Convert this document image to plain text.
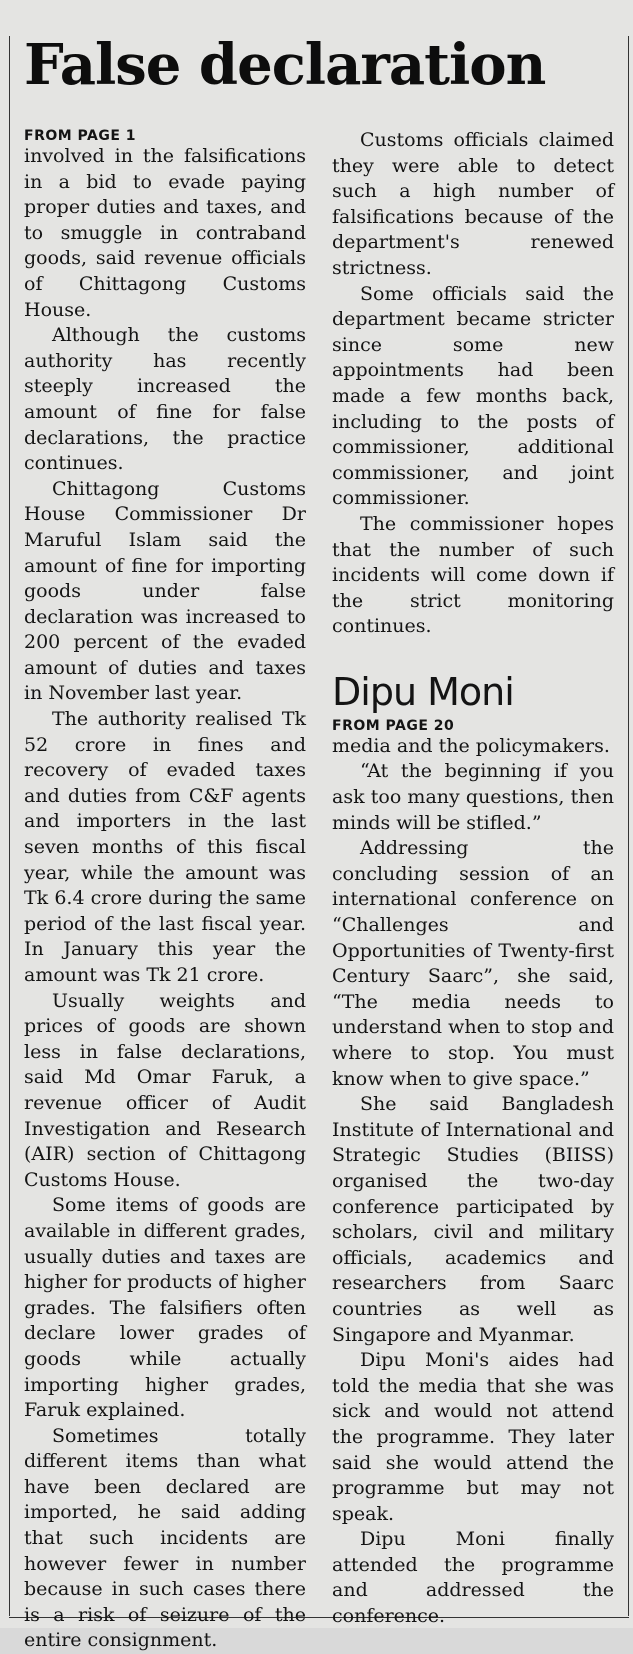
False declaration

FROM PAGE 1

involved in the falsifications in a bid to evade paying proper duties and taxes, and to smuggle in contraband goods, said revenue officials of Chittagong Customs House.

Although the customs authority has recently steeply increased the amount of fine for false declarations, the practice continues.

Chittagong Customs House Commissioner Dr Maruful Islam said the amount of fine for importing goods under false declaration was increased to 200 percent of the evaded amount of duties and taxes in November last year.

The authority realised Tk 52 crore in fines and recovery of evaded taxes and duties from C&F agents and importers in the last seven months of this fiscal year, while the amount was Tk 6.4 crore during the same period of the last fiscal year. In January this year the amount was Tk 21 crore.

Usually weights and prices of goods are shown less in false declarations, said Md Omar Faruk, a revenue officer of Audit Investigation and Research (AIR) section of Chittagong Customs House.

Some items of goods are available in different grades, usually duties and taxes are higher for products of higher grades. The falsifiers often declare lower grades of goods while actually importing higher grades, Faruk explained.

Sometimes totally different items than what have been declared are imported, he said adding that such incidents are however fewer in number because in such cases there is a risk of seizure of the entire consignment.

Customs officials claimed they were able to detect such a high number of falsifications because of the department's renewed strictness.

Some officials said the department became stricter since some new appointments had been made a few months back, including to the posts of commissioner, additional commissioner, and joint commissioner.

The commissioner hopes that the number of such incidents will come down if the strict monitoring continues.

Dipu Moni

FROM PAGE 20

media and the policymakers.

“At the beginning if you ask too many questions, then minds will be stifled.”

Addressing the concluding session of an international conference on “Challenges and Opportunities of Twenty-first Century Saarc”, she said, “The media needs to understand when to stop and where to stop. You must know when to give space.”

She said Bangladesh Institute of International and Strategic Studies (BIISS) organised the two-day conference participated by scholars, civil and military officials, academics and researchers from Saarc countries as well as Singapore and Myanmar.

Dipu Moni's aides had told the media that she was sick and would not attend the programme. They later said she would attend the programme but may not speak.

Dipu Moni finally attended the programme and addressed the conference.
